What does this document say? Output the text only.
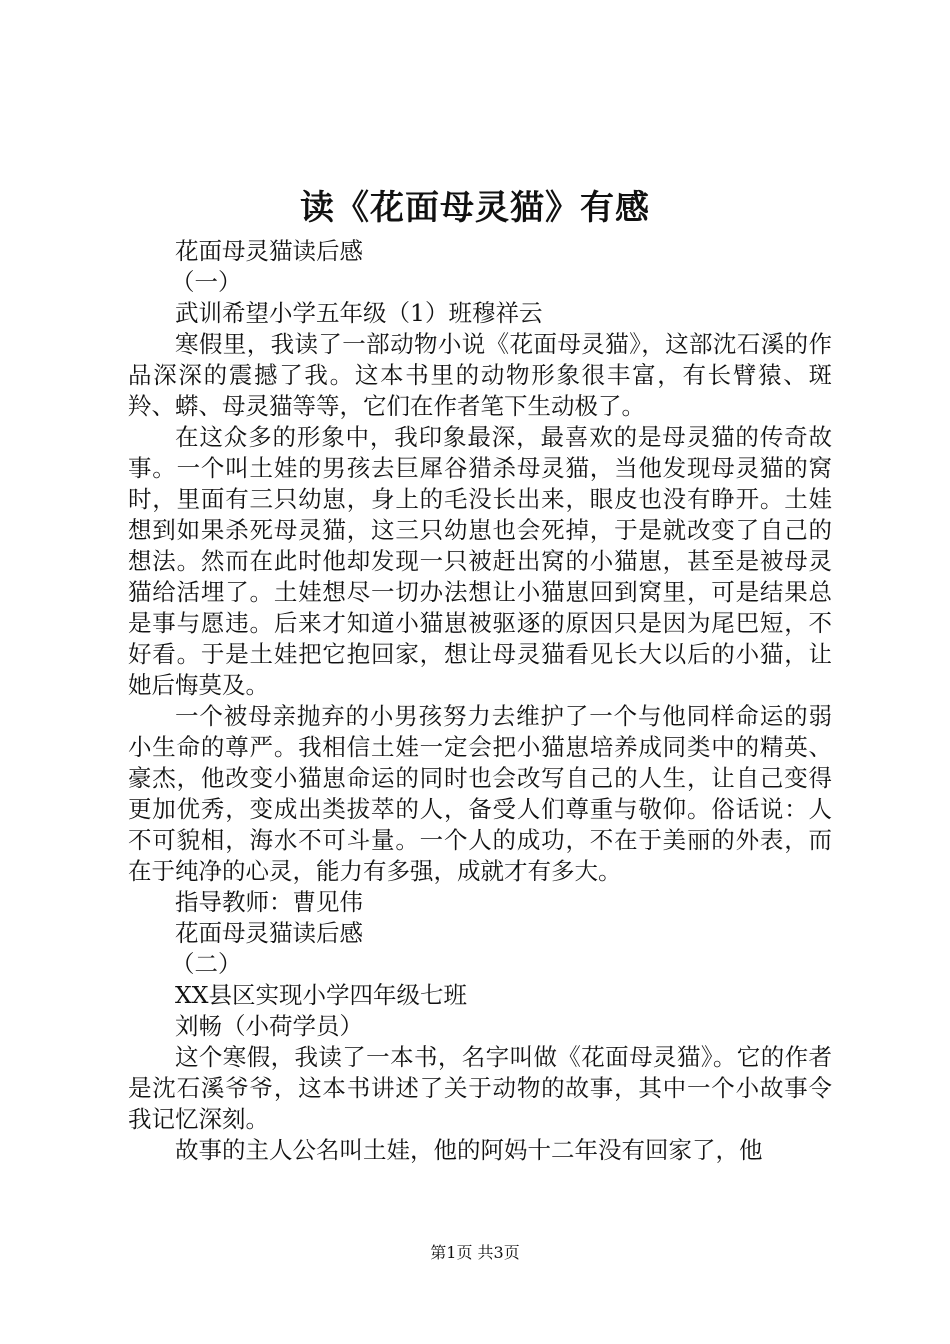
读《花面母灵猫》有感

花面母灵猫读后感

（一）

武训希望小学五年级（1）班穆祥云

寒假里，我读了一部动物小说《花面母灵猫》，这部沈石溪的作品深深的震撼了我。这本书里的动物形象很丰富，有长臂猿、斑羚、蟒、母灵猫等等，它们在作者笔下生动极了。

在这众多的形象中，我印象最深，最喜欢的是母灵猫的传奇故事。一个叫土娃的男孩去巨犀谷猎杀母灵猫，当他发现母灵猫的窝时，里面有三只幼崽，身上的毛没长出来，眼皮也没有睁开。土娃想到如果杀死母灵猫，这三只幼崽也会死掉，于是就改变了自己的想法。然而在此时他却发现一只被赶出窝的小猫崽，甚至是被母灵猫给活埋了。土娃想尽一切办法想让小猫崽回到窝里，可是结果总是事与愿违。后来才知道小猫崽被驱逐的原因只是因为尾巴短，不好看。于是土娃把它抱回家，想让母灵猫看见长大以后的小猫，让她后悔莫及。

一个被母亲抛弃的小男孩努力去维护了一个与他同样命运的弱小生命的尊严。我相信土娃一定会把小猫崽培养成同类中的精英、豪杰，他改变小猫崽命运的同时也会改写自己的人生，让自己变得更加优秀，变成出类拔萃的人，备受人们尊重与敬仰。俗话说：人不可貌相，海水不可斗量。一个人的成功，不在于美丽的外表，而在于纯净的心灵，能力有多强，成就才有多大。

指导教师：曹见伟

花面母灵猫读后感

（二）

XX县区实现小学四年级七班

刘畅（小荷学员）

这个寒假，我读了一本书，名字叫做《花面母灵猫》。它的作者是沈石溪爷爷，这本书讲述了关于动物的故事，其中一个小故事令我记忆深刻。

故事的主人公名叫土娃，他的阿妈十二年没有回家了，他

第1页 共3页
